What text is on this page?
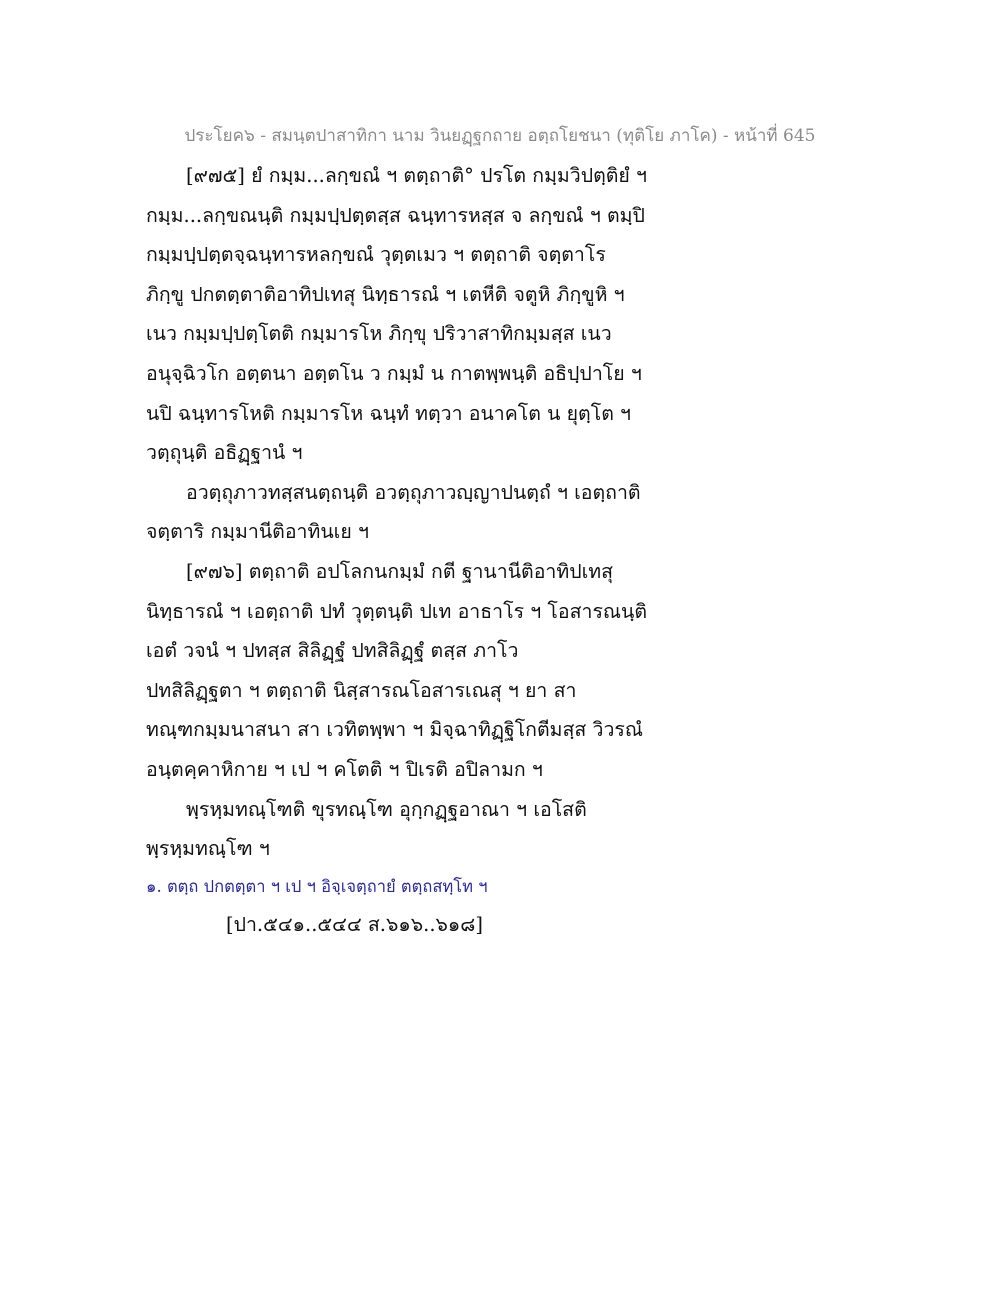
ประโยค๖ - สมนฺตปาสาทิกา นาม วินยฏฺฐกถาย อตฺถโยชนา (ทุติโย ภาโค) - หน้าที่ 645
[๙๗๕] ยํ กมฺม...ลกฺขณํ ฯ ตตฺถาติ° ปรโต กมฺมวิปตฺติยํ ฯ
กมฺม...ลกฺขณนฺติ กมฺมปฺปตฺตสฺส ฉนฺทารหสฺส จ ลกฺขณํ ฯ ตมฺปิ
กมฺมปฺปตฺตจฺฉนฺทารหลกฺขณํ วุตฺตเมว ฯ ตตฺถาติ จตฺตาโร
ภิกฺขู ปกตตฺตาติอาทิปเทสุ นิทฺธารณํ ฯ เตหีติ จตูหิ ภิกฺขูหิ ฯ
เนว กมฺมปฺปตฺโตติ กมฺมารโห ภิกฺขุ ปริวาสาทิกมฺมสฺส เนว
อนุจฺฉิวโก อตฺตนา อตฺตโน ว กมฺมํ น กาตพฺพนฺติ อธิปฺปาโย ฯ
นปิ ฉนฺทารโหติ กมฺมารโห ฉนฺทํ ทตฺวา อนาคโต น ยุตฺโต ฯ
วตฺถุนฺติ อธิฏฺฐานํ ฯ
อวตฺถุภาวทสฺสนตฺถนฺติ อวตฺถุภาวญฺญาปนตฺถํ ฯ เอตฺถาติ
จตฺตาริ กมฺมานีติอาทินเย ฯ
[๙๗๖] ตตฺถาติ อปโลกนกมฺมํ กตี ฐานานีติอาทิปเทสุ
นิทฺธารณํ ฯ เอตฺถาติ ปทํ วุตฺตนฺติ ปเท อาธาโร ฯ โอสารณนฺติ
เอตํ วจนํ ฯ ปทสฺส สิลิฏฺฐํ ปทสิลิฏฺฐํ ตสฺส ภาโว
ปทสิลิฏฺฐตา ฯ ตตฺถาติ นิสฺสารณโอสารเณสุ ฯ ยา สา
ทณฺฑกมฺมนาสนา สา เวทิตพฺพา ฯ มิจฺฉาทิฏฺฐิโกตีมสฺส วิวรณํ
อนฺตคฺคาหิกาย ฯ เป ฯ คโตติ ฯ ปิเรติ อปิลามก ฯ
พฺรหฺมทณฺโฑติ ขุรทณฺโฑ อุกฺกฏฺฐอาณา ฯ เอโสติ
พฺรหฺมทณฺโฑ ฯ
๑. ตตฺถ ปกตตฺตา ฯ เป ฯ อิจฺเจตฺถายํ ตตฺถสทฺโท ฯ
[ปา.๕๔๑..๕๔๔ ส.๖๑๖..๖๑๘]
